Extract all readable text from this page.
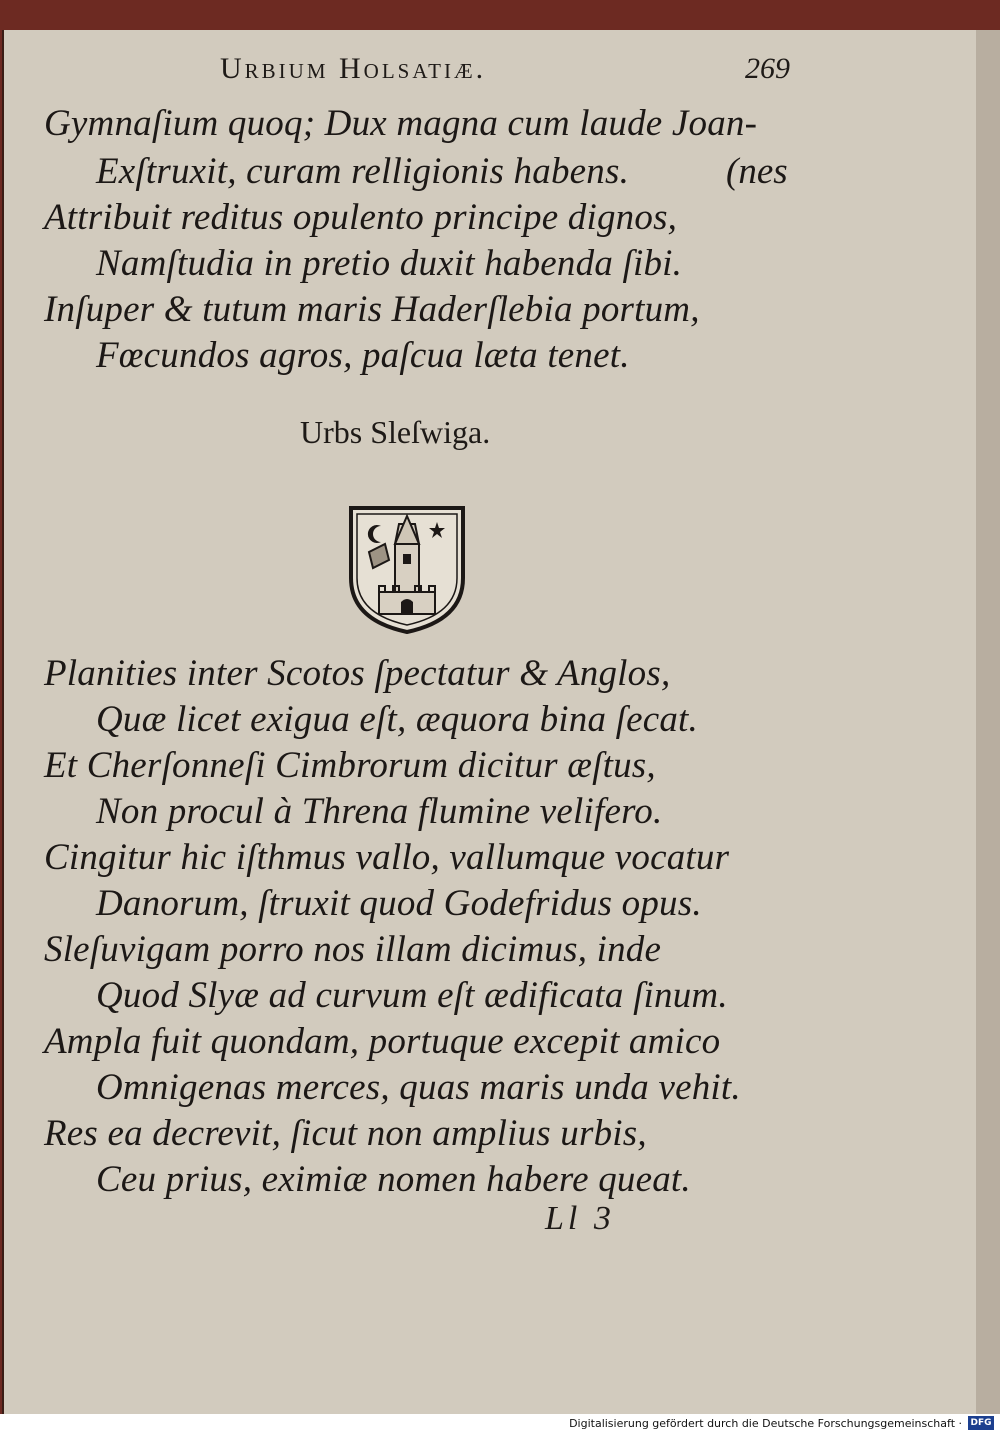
Urbium Holsatiæ.	269
Gymnaſium quoq; Dux magna cum laude Joan-
Exſtruxit, curam relligionis habens.	(nes
Attribuit reditus opulento principe dignos,
Namſtudia in pretio duxit habenda ſibi.
Inſuper & tutum maris Haderſlebia portum,
Fœcundos agros, paſcua læta tenet.
Urbs Sleſwiga.
Planities inter Scotos ſpectatur & Anglos,
Quæ licet exigua eſt, æquora bina ſecat.
Et Cherſonneſi Cimbrorum dicitur æſtus,
Non procul à Threna flumine velifero.
Cingitur hic iſthmus vallo, vallumque vocatur
Danorum, ſtruxit quod Godefridus opus.
Sleſuvigam porro nos illam dicimus, inde
Quod Slyæ ad curvum eſt ædificata ſinum.
Ampla fuit quondam, portuque excepit amico
Omnigenas merces, quas maris unda vehit.
Res ea decrevit, ſicut non amplius urbis,
Ceu prius, eximiæ nomen habere queat.
Ll 3
Digitalisierung gefördert durch die Deutsche Forschungsgemeinschaft · DFG
